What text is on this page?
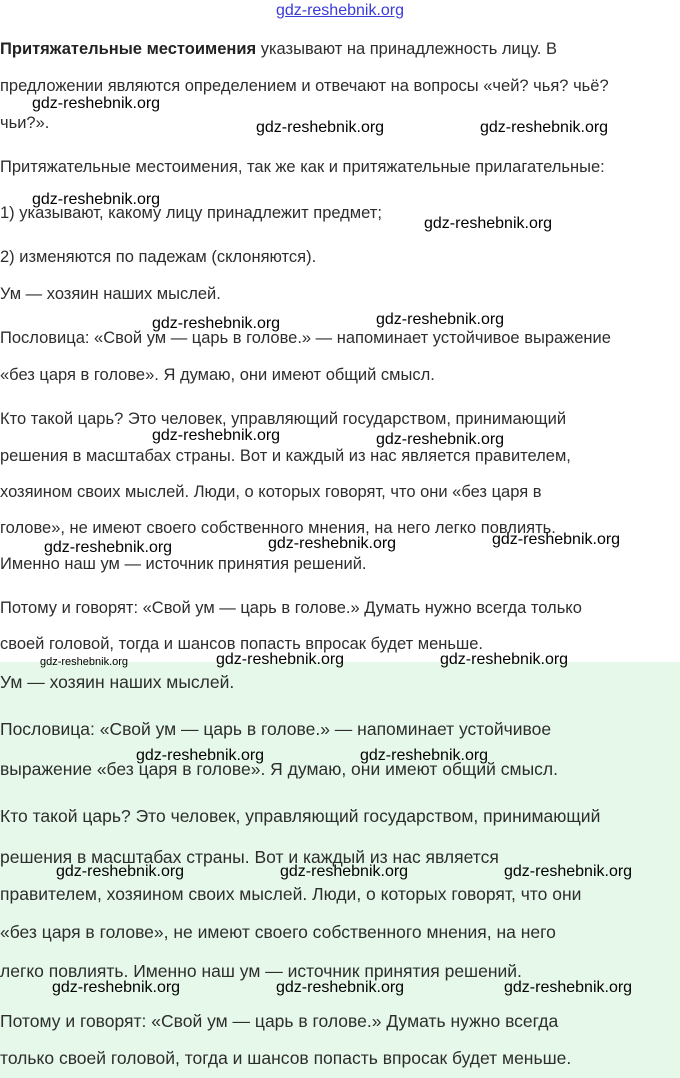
gdz-reshebnik.org
Притяжательные местоимения указывают на принадлежность лицу. В
предложении являются определением и отвечают на вопросы «чей? чья? чьё?
чьи?».
Притяжательные местоимения, так же как и притяжательные прилагательные:
1) указывают, какому лицу принадлежит предмет;
2) изменяются по падежам (склоняются).
Ум — хозяин наших мыслей.
Пословица: «Свой ум — царь в голове.» — напоминает устойчивое выражение
«без царя в голове». Я думаю, они имеют общий смысл.
Кто такой царь? Это человек, управляющий государством, принимающий
решения в масштабах страны. Вот и каждый из нас является правителем,
хозяином своих мыслей. Люди, о которых говорят, что они «без царя в
голове», не имеют своего собственного мнения, на него легко повлиять.
Именно наш ум — источник принятия решений.
Потому и говорят: «Свой ум — царь в голове.» Думать нужно всегда только
своей головой, тогда и шансов попасть впросак будет меньше.
Ум — хозяин наших мыслей.
Пословица: «Свой ум — царь в голове.» — напоминает устойчивое
выражение «без царя в голове». Я думаю, они имеют общий смысл.
Кто такой царь? Это человек, управляющий государством, принимающий
решения в масштабах страны. Вот и каждый из нас является
правителем, хозяином своих мыслей. Люди, о которых говорят, что они
«без царя в голове», не имеют своего собственного мнения, на него
легко повлиять. Именно наш ум — источник принятия решений.
Потому и говорят: «Свой ум — царь в голове.» Думать нужно всегда
только своей головой, тогда и шансов попасть впросак будет меньше.
gdz-reshebnik.org
gdz-reshebnik.org	gdz-reshebnik.org
gdz-reshebnik.org
gdz-reshebnik.org
gdz-reshebnik.org	gdz-reshebnik.org
gdz-reshebnik.org	gdz-reshebnik.org
gdz-reshebnik.org	gdz-reshebnik.org	gdz-reshebnik.org
gdz-reshebnik.org	gdz-reshebnik.org	gdz-reshebnik.org
gdz-reshebnik.org	gdz-reshebnik.org
gdz-reshebnik.org	gdz-reshebnik.org	gdz-reshebnik.org
gdz-reshebnik.org	gdz-reshebnik.org	gdz-reshebnik.org
